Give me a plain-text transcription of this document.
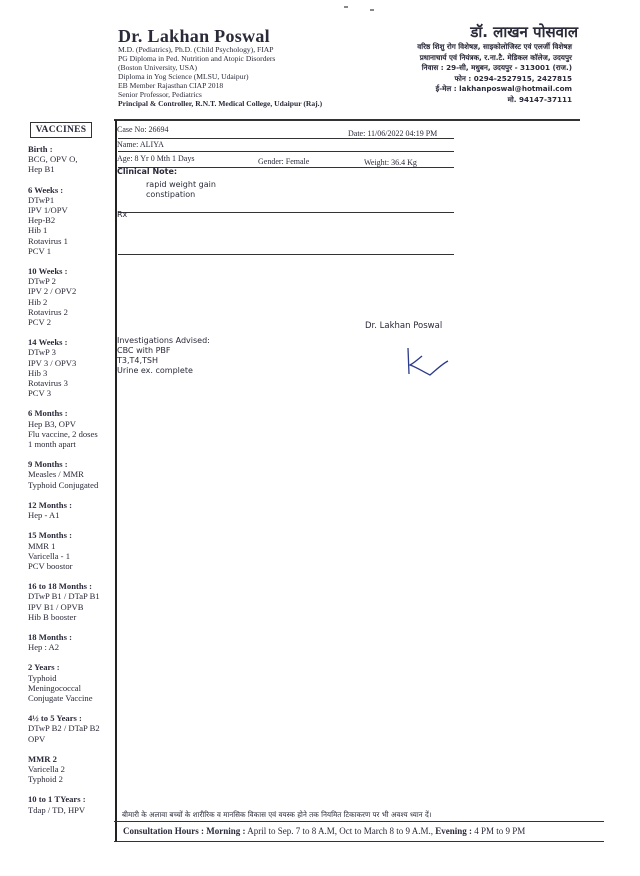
Dr. Lakhan Poswal
M.D. (Pediatrics), Ph.D. (Child Psychology), FIAP
PG Diploma in Ped. Nutrition and Atopic Disorders
(Boston University, USA)
Diploma in Yog Science (MLSU, Udaipur)
EB Member Rajasthan CIAP 2018
Senior Professor, Pediatrics
Principal & Controller, R.N.T. Medical College, Udaipur (Raj.)
डॉ. लाखन पोसवाल
वरिष्ठ शिशु रोग विशेषज्ञ, साइकोलोजिस्ट एवं एलर्जी विशेषज्ञ
प्रधानाचार्य एवं नियंत्रक, र.ना.टै. मेडिकल कॉलेज, उदयपुर
निवास : 29-सी, मधुबन, उदयपुर - 313001 (राज.)
फोन : 0294-2527915, 2427815
ई-मेल : lakhanposwal@hotmail.com
मो. 94147-37111
VACCINES
Birth :
BCG, OPV O,
Hep B1
6 Weeks :
DTwP1
IPV 1/OPV
Hep-B2
Hib 1
Rotavirus 1
PCV 1
10 Weeks :
DTwP 2
IPV 2 / OPV2
Hib 2
Rotavirus 2
PCV 2
14 Weeks :
DTwP 3
IPV 3 / OPV3
Hib 3
Rotavirus 3
PCV 3
6 Months :
Hep B3, OPV
Flu vaccine, 2 doses
1 month apart
9 Months :
Measles / MMR
Typhoid Conjugated
12 Months :
Hep - A1
15 Months :
MMR 1
Varicella - 1
PCV boostor
16 to 18 Months :
DTwP B1 / DTaP B1
IPV B1 / OPVB
Hib B booster
18 Months :
Hep : A2
2 Years :
Typhoid
Meningococcal
Conjugate Vaccine
4½ to 5 Years :
DTwP B2 / DTaP B2
OPV
MMR 2
Varicella 2
Typhoid 2
10 to 1 TYears :
Tdap / TD, HPV
Case No: 26694	Date: 11/06/2022 04:19 PM
Name: ALIYA
Age: 8 Yr 0 Mth 1 Days	Gender: Female	Weight: 36.4 Kg
Clinical Note:
rapid weight gain
constipation
Rx
Dr. Lakhan Poswal
Investigations Advised:
CBC with PBF
T3,T4,TSH
Urine ex. complete
बीमारी के अलावा बच्चों के शारीरिक व मानसिक विकास एवं वयस्क होने तक नियमित टिकाकरण पर भी अवश्य ध्यान दें।
Consultation Hours : Morning : April to Sep. 7 to 8 A.M, Oct to March 8 to 9 A.M., Evening : 4 PM to 9 PM
